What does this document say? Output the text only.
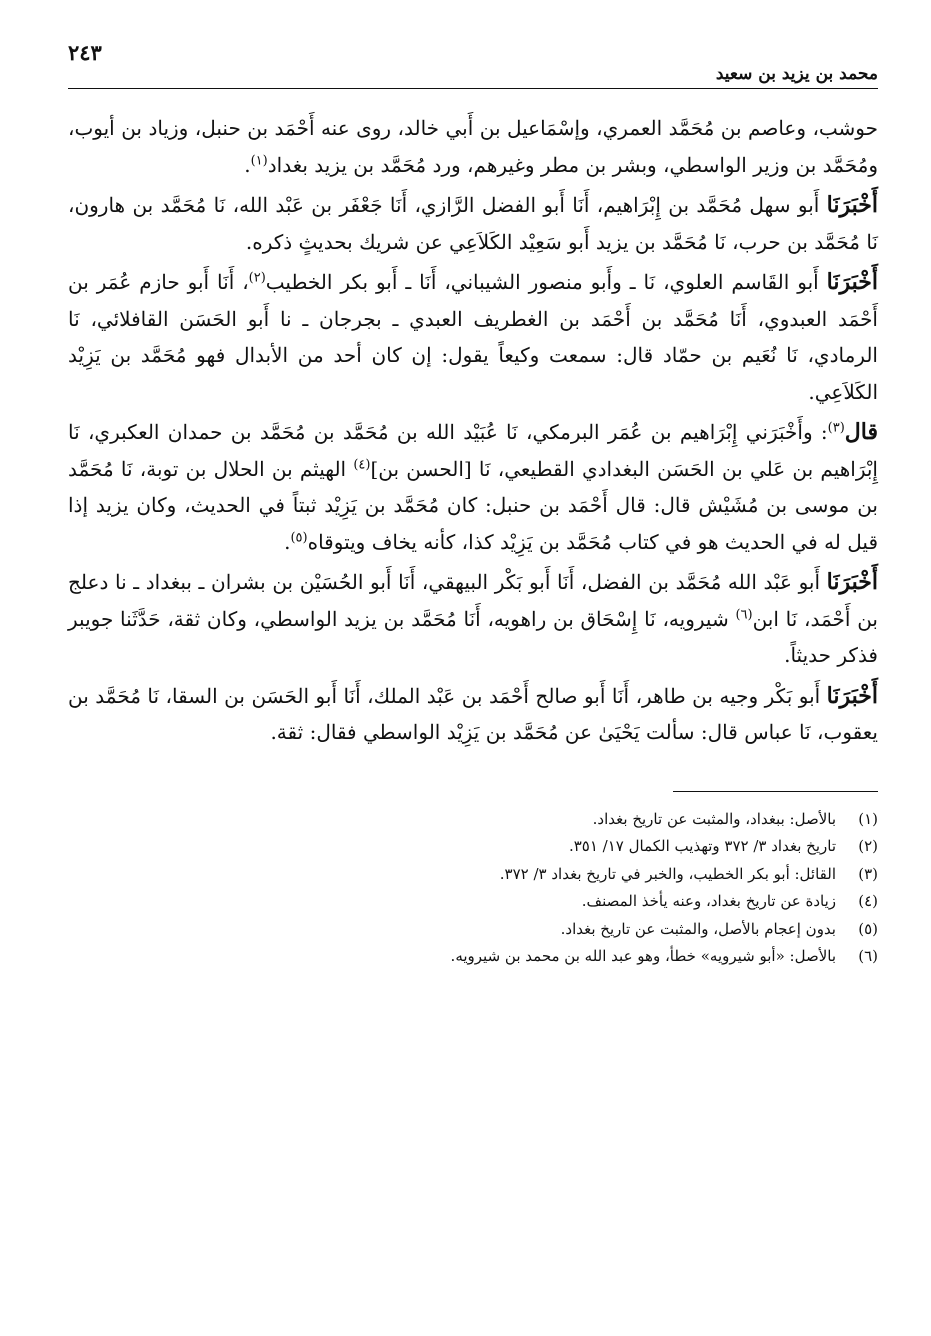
٢٤٣
محمد بن يزيد بن سعيد

حوشب، وعاصم بن مُحَمَّد العمري، وإسْمَاعيل بن أَبي خالد، روى عنه أَحْمَد بن حنبل، وزياد بن أيوب، ومُحَمَّد بن وزير الواسطي، وبشر بن مطر وغيرهم، ورد مُحَمَّد بن يزيد بغداد$^{(١)}$.

أَخْبَرَنَا أَبو سهل مُحَمَّد بن إِبْرَاهيم، أَنَا أَبو الفضل الرَّازي، أَنَا جَعْفَر بن عَبْد الله، نَا مُحَمَّد بن هارون، نَا مُحَمَّد بن حرب، نَا مُحَمَّد بن يزيد أَبو سَعِيْد الكَلاَعِي عن شريك بحديثٍ ذكره.

أَخْبَرَنَا أَبو القَاسم العلوي، نَا ـ وأَبو منصور الشيباني، أَنَا ـ أَبو بكر الخطيب$^{(٢)}$، أَنَا أَبو حازم عُمَر بن أَحْمَد العبدوي، أَنَا مُحَمَّد بن أَحْمَد بن الغطريف العبدي ـ بجرجان ـ نا أَبو الحَسَن القافلائي، نَا الرمادي، نَا نُعَيم بن حمّاد قال: سمعت وكيعاً يقول: إن كان أحد من الأبدال فهو مُحَمَّد بن يَزِيْد الكَلاَعِي.

قال$^{(٣)}$: وأَخْبَرَني إِبْرَاهيم بن عُمَر البرمكي، نَا عُبَيْد الله بن مُحَمَّد بن مُحَمَّد بن حمدان العكبري، نَا إِبْرَاهيم بن عَلي بن الحَسَن البغدادي القطيعي، نَا [الحسن بن]$^{(٤)}$ الهيثم بن الحلال بن توبة، نَا مُحَمَّد بن موسى بن مُشَيْش قال: قال أَحْمَد بن حنبل: كان مُحَمَّد بن يَزِيْد ثبتاً في الحديث، وكان يزيد إذا قيل له في الحديث هو في كتاب مُحَمَّد بن يَزِيْد كذا، كأنه يخاف ويتوقاه$^{(٥)}$.

أَخْبَرَنَا أَبو عَبْد الله مُحَمَّد بن الفضل، أَنَا أَبو بَكْر البيهقي، أَنَا أَبو الحُسَيْن بن بشران ـ ببغداد ـ نا دعلج بن أَحْمَد، نَا ابن$^{(٦)}$ شيرويه، نَا إِسْحَاق بن راهويه، أَنَا مُحَمَّد بن يزيد الواسطي، وكان ثقة، حَدَّثَنا جويبر فذكر حديثاً.

أَخْبَرَنَا أَبو بَكْر وجيه بن طاهر، أَنَا أَبو صالح أَحْمَد بن عَبْد الملك، أَنَا أَبو الحَسَن بن السقا، نَا مُحَمَّد بن يعقوب، نَا عباس قال: سألت يَحْيَىٰ عن مُحَمَّد بن يَزِيْد الواسطي فقال: ثقة.

(١)
بالأصل: ببغداد، والمثبت عن تاريخ بغداد.
(٢)
تاريخ بغداد ٣/ ٣٧٢ وتهذيب الكمال ١٧/ ٣٥١.
(٣)
القائل: أبو بكر الخطيب، والخبر في تاريخ بغداد ٣/ ٣٧٢.
(٤)
زيادة عن تاريخ بغداد، وعنه يأخذ المصنف.
(٥)
بدون إعجام بالأصل، والمثبت عن تاريخ بغداد.
(٦)
بالأصل: «أبو شيرويه» خطأ، وهو عبد الله بن محمد بن شيرويه.
